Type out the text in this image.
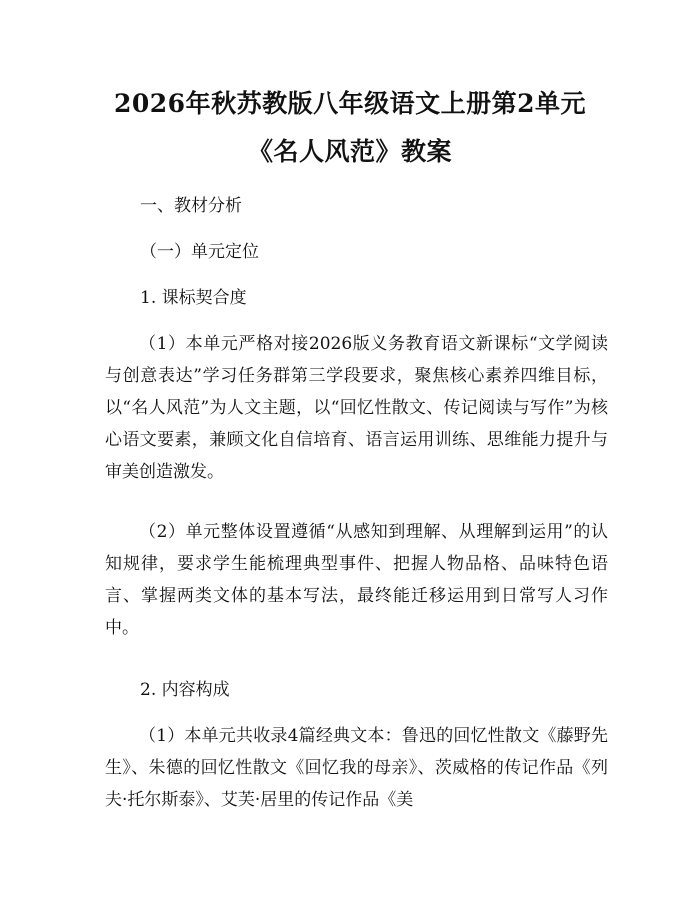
2026年秋苏教版八年级语文上册第2单元
《名人风范》教案

一、教材分析

（一）单元定位

1. 课标契合度

（1）本单元严格对接2026版义务教育语文新课标“文学阅读与创意表达”学习任务群第三学段要求，聚焦核心素养四维目标，以“名人风范”为人文主题，以“回忆性散文、传记阅读与写作”为核心语文要素，兼顾文化自信培育、语言运用训练、思维能力提升与审美创造激发。

（2）单元整体设置遵循“从感知到理解、从理解到运用”的认知规律，要求学生能梳理典型事件、把握人物品格、品味特色语言、掌握两类文体的基本写法，最终能迁移运用到日常写人习作中。

2. 内容构成

（1）本单元共收录4篇经典文本：鲁迅的回忆性散文《藤野先生》、朱德的回忆性散文《回忆我的母亲》、茨威格的传记作品《列夫·托尔斯泰》、艾芙·居里的传记作品《美
